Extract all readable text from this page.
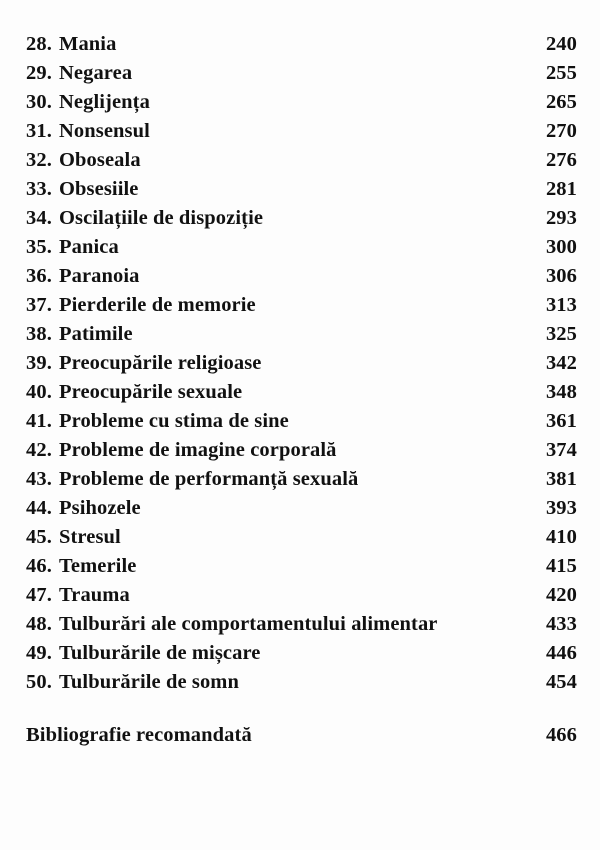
28. Mania	240
29. Negarea	255
30. Neglijența	265
31. Nonsensul	270
32. Oboseala	276
33. Obsesiile	281
34. Oscilațiile de dispoziție	293
35. Panica	300
36. Paranoia	306
37. Pierderile de memorie	313
38. Patimile	325
39. Preocupările religioase	342
40. Preocupările sexuale	348
41. Probleme cu stima de sine	361
42. Probleme de imagine corporală	374
43. Probleme de performanță sexuală	381
44. Psihozele	393
45. Stresul	410
46. Temerile	415
47. Trauma	420
48. Tulburări ale comportamentului alimentar	433
49. Tulburările de mișcare	446
50. Tulburările de somn	454
Bibliografie recomandată	466
